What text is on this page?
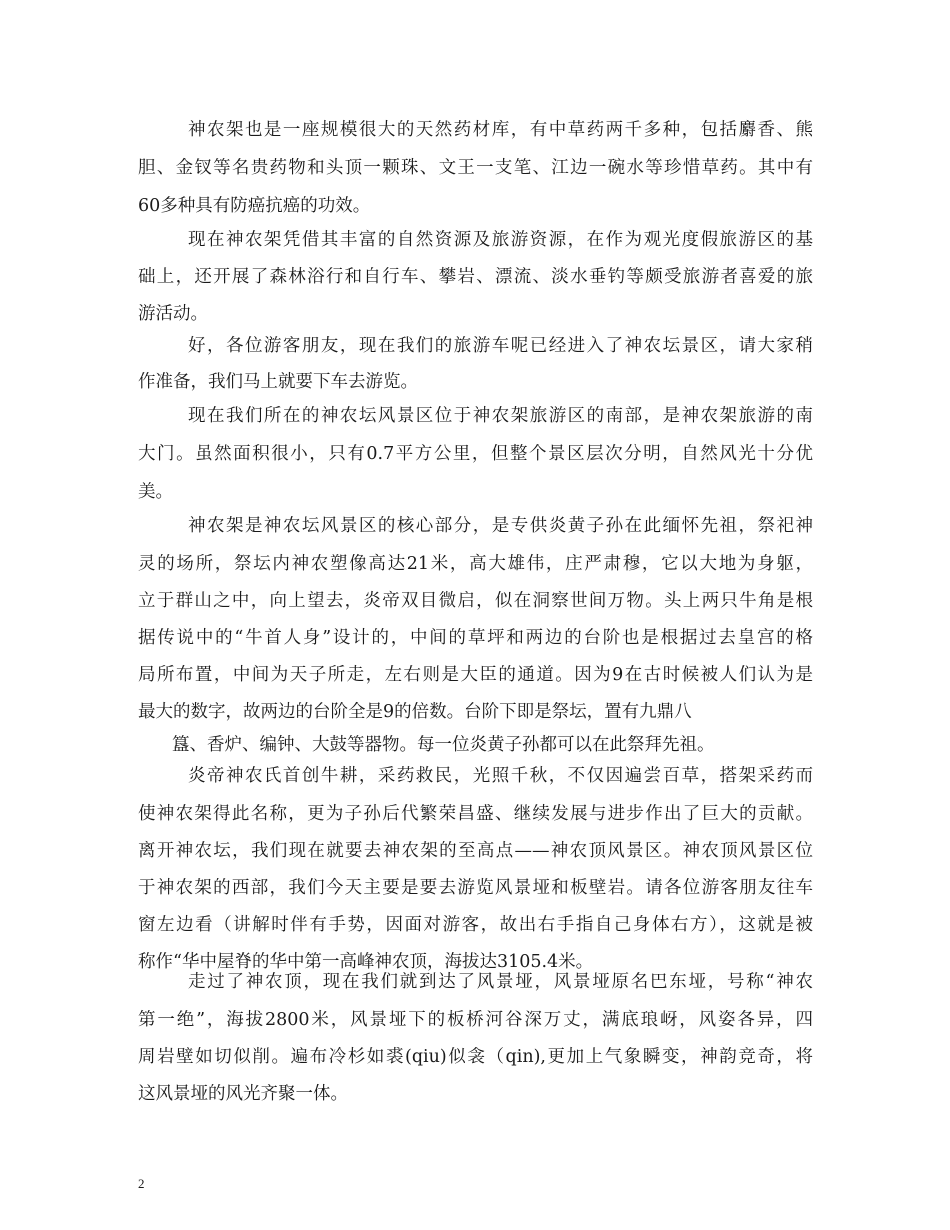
神农架也是一座规模很大的天然药材库，有中草药两千多种，包括麝香、熊
胆、金钗等名贵药物和头顶一颗珠、文王一支笔、江边一碗水等珍惜草药。其中有
60多种具有防癌抗癌的功效。
现在神农架凭借其丰富的自然资源及旅游资源，在作为观光度假旅游区的基
础上，还开展了森林浴行和自行车、攀岩、漂流、淡水垂钓等颇受旅游者喜爱的旅
游活动。
好，各位游客朋友，现在我们的旅游车呢已经进入了神农坛景区，请大家稍
作准备，我们马上就要下车去游览。
现在我们所在的神农坛风景区位于神农架旅游区的南部，是神农架旅游的南
大门。虽然面积很小，只有0.7平方公里，但整个景区层次分明，自然风光十分优
美。
神农架是神农坛风景区的核心部分，是专供炎黄子孙在此缅怀先祖，祭祀神
灵的场所，祭坛内神农塑像高达21米，高大雄伟，庄严肃穆，它以大地为身躯，
立于群山之中，向上望去，炎帝双目微启，似在洞察世间万物。头上两只牛角是根
据传说中的“牛首人身”设计的，中间的草坪和两边的台阶也是根据过去皇宫的格
局所布置，中间为天子所走，左右则是大臣的通道。因为9在古时候被人们认为是
最大的数字，故两边的台阶全是9的倍数。台阶下即是祭坛，置有九鼎八
簋、香炉、编钟、大鼓等器物。每一位炎黄子孙都可以在此祭拜先祖。
炎帝神农氏首创牛耕，采药救民，光照千秋，不仅因遍尝百草，搭架采药而
使神农架得此名称，更为子孙后代繁荣昌盛、继续发展与进步作出了巨大的贡献。
离开神农坛，我们现在就要去神农架的至高点——神农顶风景区。神农顶风景区位
于神农架的西部，我们今天主要是要去游览风景垭和板壁岩。请各位游客朋友往车
窗左边看（讲解时伴有手势，因面对游客，故出右手指自己身体右方），这就是被
称作“华中屋脊的华中第一高峰神农顶，海拔达3105.4米。
走过了神农顶，现在我们就到达了风景垭，风景垭原名巴东垭，号称“神农
第一绝”，海拔2800米，风景垭下的板桥河谷深万丈，满底琅岈，风姿各异，四
周岩壁如切似削。遍布冷杉如裘(qiu)似衾（qin),更加上气象瞬变，神韵竞奇，将
这风景垭的风光齐聚一体。
2
